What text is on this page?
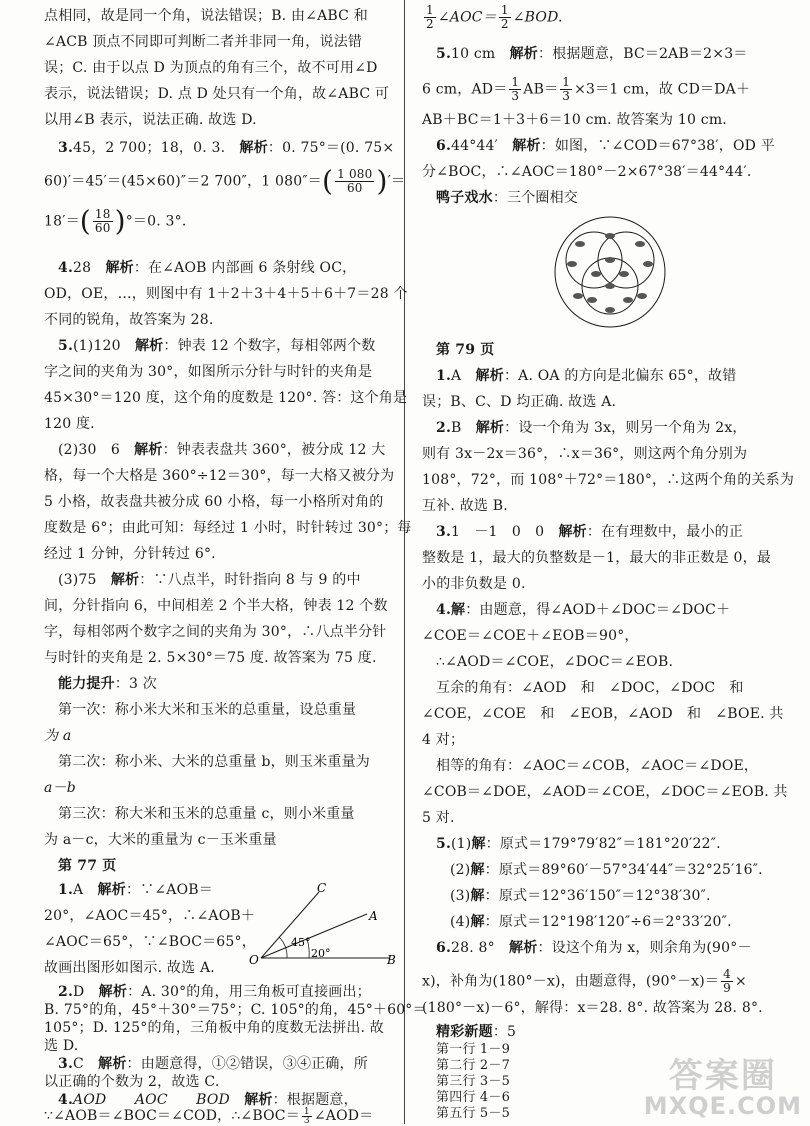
点相同，故是同一个角，说法错误；B. 由∠ABC 和
∠ACB 顶点不同即可判断二者并非同一角，说法错
误；C. 由于以点 D 为顶点的角有三个，故不可用∠D
表示，说法错误；D. 点 D 处只有一个角，故∠ABC 可
以用∠B 表示，说法正确. 故选 D.
3.45，2 700；18，0. 3.　 解析：0. 75°＝(0. 75×
60)′＝45′＝(45×60)″＝2 700″，1 $080''=( \frac{1 080}{60}$ )′＝
$18'=( \frac{18}{60} )^\circ=0$. 3°.
4.28　 解析：在∠AOB 内部画 6 条射线 OC，
OD，OE，…，则图中有 1＋2＋3＋4＋5＋6＋7＝28 个
不同的锐角，故答案为 28.
5.(1)120　 解析：钟表 12 个数字，每相邻两个数
字之间的夹角为 30°，如图所示分针与时针的夹角是
45×30°＝120 度，这个角的度数是 120°. 答：这个角是
120 度.
(2)30　6　 解析：钟表表盘共 360°，被分成 12 大
格，每一个大格是 360°÷12＝30°，每一大格又被分为
5 小格，故表盘共被分成 60 小格，每一小格所对角的
度数是 6°；由此可知：每经过 1 小时，时针转过 30°；每
经过 1 分钟，分针转过 6°.
(3)75　 解析：∵八点半，时针指向 8 与 9 的中
间，分针指向 6，中间相差 2 个半大格，钟表 12 个数
字，每相邻两个数字之间的夹角为 30°，∴八点半分针
与时针的夹角是 2. 5×30°＝75 度. 故答案为 75 度.
能力提升：3 次
第一次：称小米大米和玉米的总重量，设总重量
为 a
第二次：称小米、大米的总重量 b，则玉米重量为
a－b
第三次：称大米和玉米的总重量 c，则小米重量
为 a－c，大米的重量为 c－玉米重量
第 77 页
1.A　 解析：∵∠AOB＝
20°，∠AOC＝45°，∴∠AOB＋
∠AOC＝65°，∵∠BOC＝65°，
故画出图形如图示. 故选 A.
C
A
O	B
45°
20°
2.D　 解析：A. 30°的角，用三角板可直接画出；
B. 75°的角，45°＋30°＝75°；C. 105°的角，45°＋60°＝
105°；D. 125°的角，三角板中角的度数无法拼出. 故
选 D.
3.C　 解析：由题意得，①②错误，③④正确，所
以正确的个数为 2，故选 C.
4.AOD　　AOC　　BOD　 解析：根据题意，
∵∠AOB＝∠BOC＝∠COD，∴∠BOC＝ $\frac{1}{3}$ ∠AOD＝
$\frac{1}{2}$ ∠AOC＝ $\frac{1}{2}$ ∠BOD.
5.10 cm　 解析：根据题意，BC＝2AB＝2×3＝
6 cm，$AD= \frac{1}{3} AB= \frac{1}{3} \times 3=1$ cm，故 CD＝DA＋
AB＋BC＝1＋3＋6＝10 cm. 故答案为 10 cm.
6.44°44′　 解析：如图，∵∠COD＝67°38′，OD 平
分∠BOC，∴∠AOC＝180°－2×67°38′＝44°44′.
鸭子戏水：三个圈相交
第 79 页
1.A　 解析：A. OA 的方向是北偏东 65°，故错
误；B、C、D 均正确. 故选 A.
2.B　 解析：设一个角为 3x，则另一个角为 2x，
则有 3x－2x＝36°，∴x＝36°，则这两个角分别为
108°，72°，而 108°＋72°＝180°，∴这两个角的关系为
互补. 故选 B.
3.1　－1　0　0　 解析：在有理数中，最小的正
整数是 1，最大的负整数是－1，最大的非正数是 0，最
小的非负数是 0.
4.解：由题意，得∠AOD＋∠DOC＝∠DOC＋
∠COE＝∠COE＋∠EOB＝90°，
∴∠AOD＝∠COE，∠DOC＝∠EOB.
互余的角有：∠AOD　和　∠DOC，∠DOC　和
∠COE，∠COE　和　∠EOB，∠AOD　和　∠BOE. 共
4 对；
相等的角有：∠AOC＝∠COB，∠AOC＝∠DOE，
∠COB＝∠DOE，∠AOD＝∠COE，∠DOC＝∠EOB. 共
5 对.
5.(1)解：原式＝179°79′82″＝181°20′22″.
(2)解：原式＝89°60′－57°34′44″＝32°25′16″.
(3)解：原式＝12°36′150″＝12°38′30″.
(4)解：原式＝12°198′120″÷6＝2°33′20″.
6.28. 8°　 解析：设这个角为 x，则余角为(90°－
x)，补角为(180°－x)，由题意得，$(90^\circ-x)= \frac{4}{9}$ ×
(180°－x)－6°，解得：x＝28. 8°. 故答案为 28. 8°.
精彩新题：5
第一行 1－9
第二行 2－7
第三行 3－5
第四行 4－6
第五行 5－5
答案圈
MXQE.COM
